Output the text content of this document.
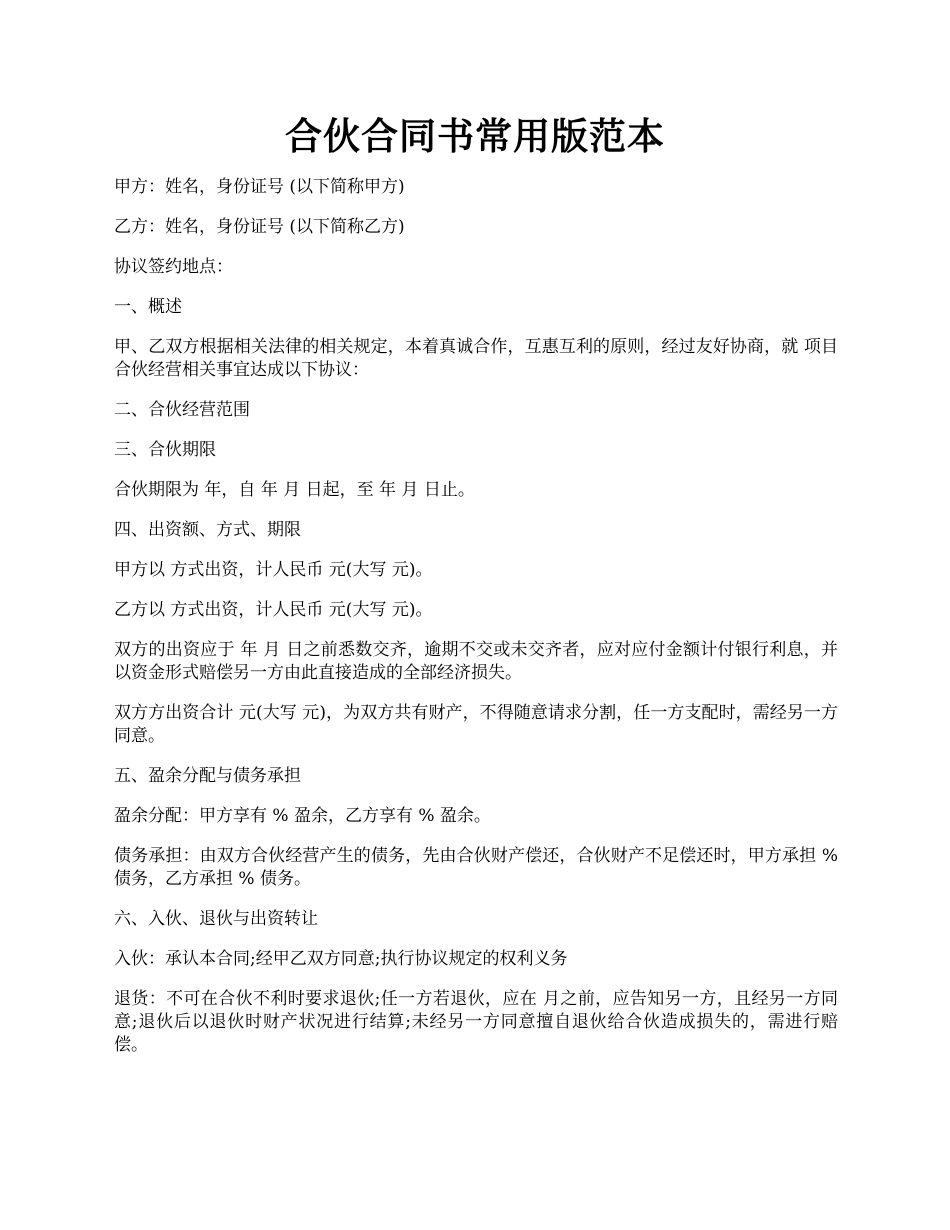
合伙合同书常用版范本

甲方：姓名，身份证号 (以下简称甲方)

乙方：姓名，身份证号 (以下简称乙方)

协议签约地点：

一、概述

甲、乙双方根据相关法律的相关规定，本着真诚合作，互惠互利的原则，经过友好协商，就 项目合伙经营相关事宜达成以下协议：

二、合伙经营范围

三、合伙期限

合伙期限为 年，自 年 月 日起，至 年 月 日止。

四、出资额、方式、期限

甲方以 方式出资，计人民币 元(大写 元)。

乙方以 方式出资，计人民币 元(大写 元)。

双方的出资应于 年 月 日之前悉数交齐，逾期不交或未交齐者，应对应付金额计付银行利息，并以资金形式赔偿另一方由此直接造成的全部经济损失。

双方方出资合计 元(大写 元)，为双方共有财产，不得随意请求分割，任一方支配时，需经另一方同意。

五、盈余分配与债务承担

盈余分配：甲方享有 % 盈余，乙方享有 % 盈余。

债务承担：由双方合伙经营产生的债务，先由合伙财产偿还，合伙财产不足偿还时，甲方承担 % 债务，乙方承担 % 债务。

六、入伙、退伙与出资转让

入伙：承认本合同;经甲乙双方同意;执行协议规定的权利义务

退货：不可在合伙不利时要求退伙;任一方若退伙，应在 月之前，应告知另一方，且经另一方同意;退伙后以退伙时财产状况进行结算;未经另一方同意擅自退伙给合伙造成损失的，需进行赔偿。
